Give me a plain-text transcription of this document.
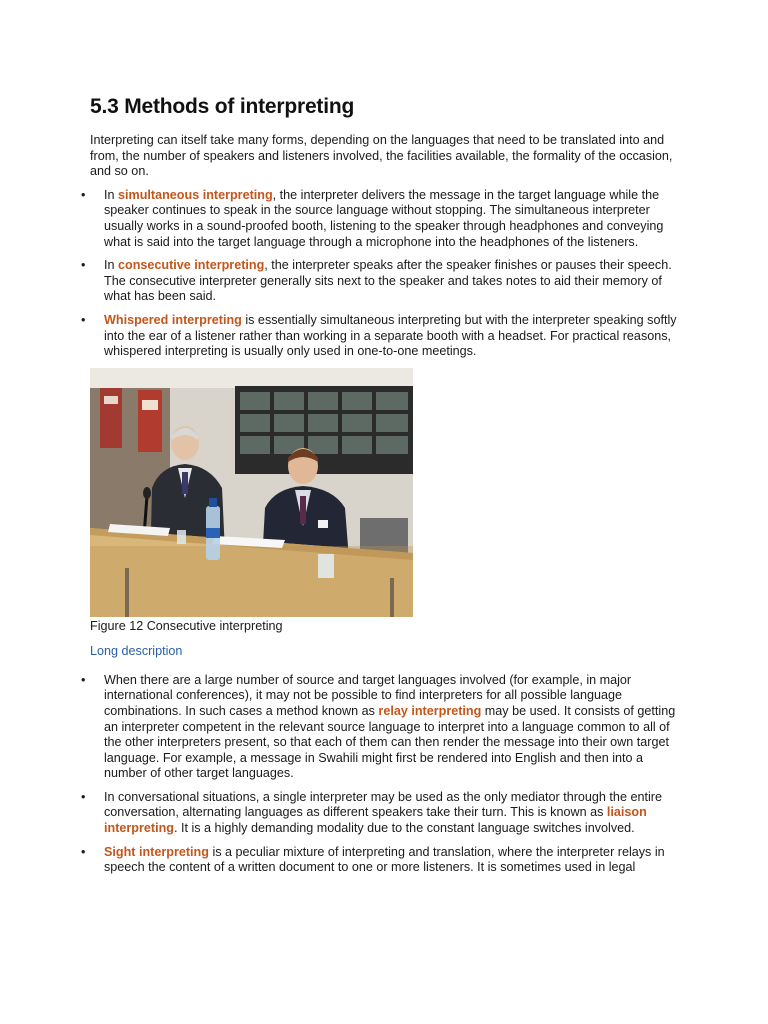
5.3 Methods of interpreting

Interpreting can itself take many forms, depending on the languages that need to be translated into and from, the number of speakers and listeners involved, the facilities available, the formality of the occasion, and so on.

• In simultaneous interpreting, the interpreter delivers the message in the target language while the speaker continues to speak in the source language without stopping. The simultaneous interpreter usually works in a sound-proofed booth, listening to the speaker through headphones and conveying what is said into the target language through a microphone into the headphones of the listeners.
• In consecutive interpreting, the interpreter speaks after the speaker finishes or pauses their speech. The consecutive interpreter generally sits next to the speaker and takes notes to aid their memory of what has been said.
• Whispered interpreting is essentially simultaneous interpreting but with the interpreter speaking softly into the ear of a listener rather than working in a separate booth with a headset. For practical reasons, whispered interpreting is usually only used in one-to-one meetings.

Figure 12 Consecutive interpreting

Long description
• When there are a large number of source and target languages involved (for example, in major international conferences), it may not be possible to find interpreters for all possible language combinations. In such cases a method known as relay interpreting may be used. It consists of getting an interpreter competent in the relevant source language to interpret into a language common to all of the other interpreters present, so that each of them can then render the message into their own target language. For example, a message in Swahili might first be rendered into English and then into a number of other target languages.
• In conversational situations, a single interpreter may be used as the only mediator through the entire conversation, alternating languages as different speakers take their turn. This is known as liaison interpreting. It is a highly demanding modality due to the constant language switches involved.
• Sight interpreting is a peculiar mixture of interpreting and translation, where the interpreter relays in speech the content of a written document to one or more listeners. It is sometimes used in legal
